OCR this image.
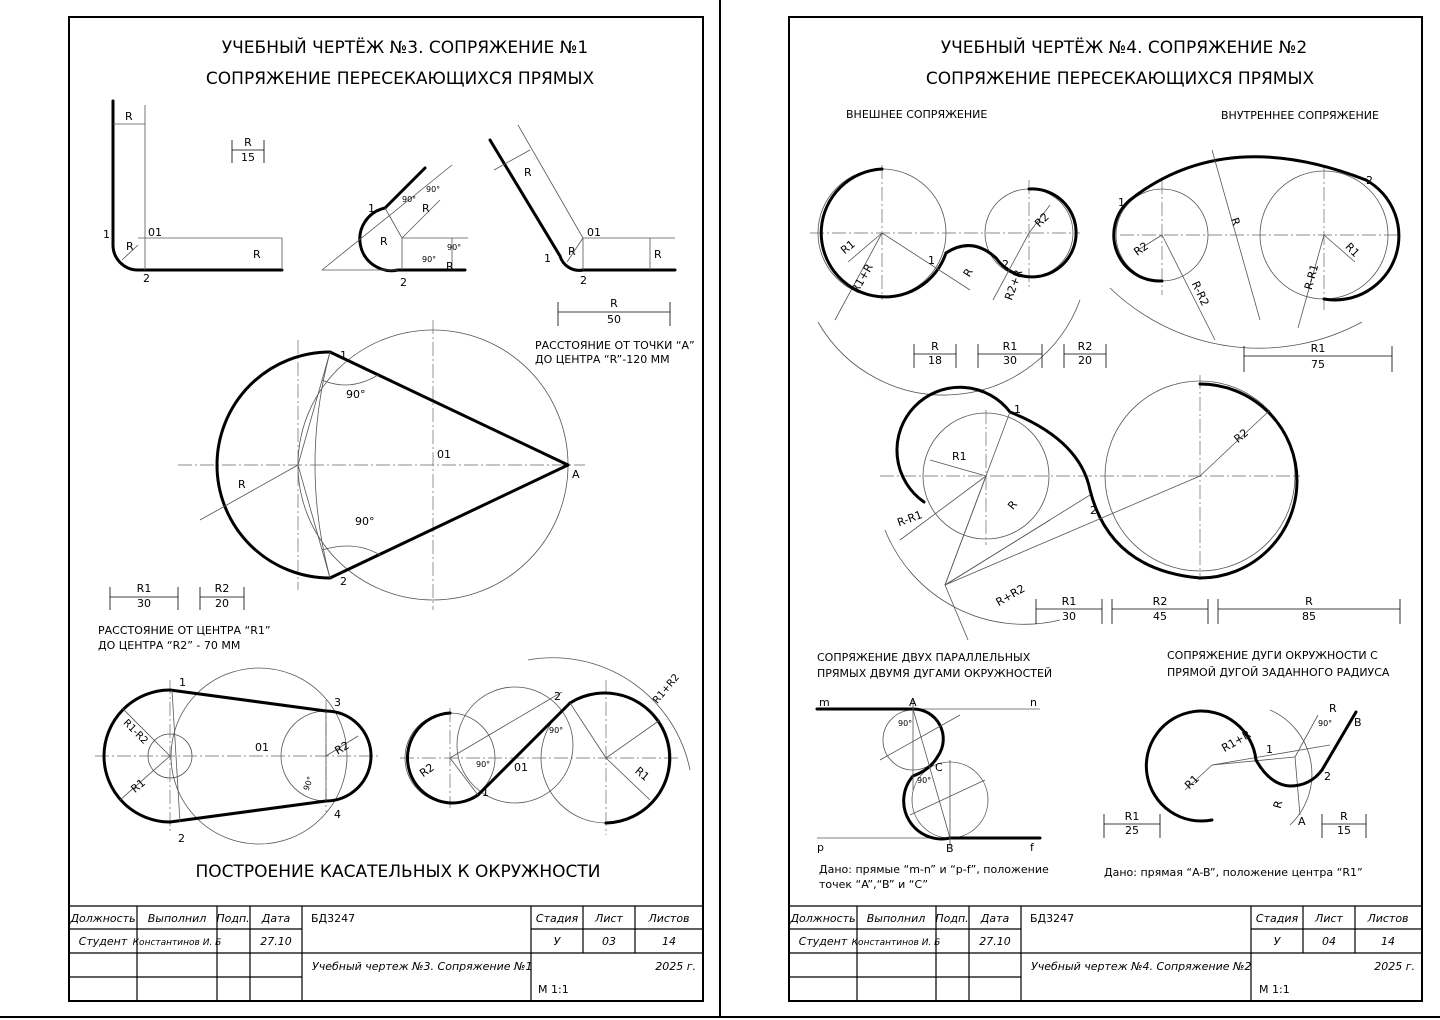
УЧЕБНЫЙ ЧЕРТЁЖ №3. СОПРЯЖЕНИЕ №1
СОПРЯЖЕНИЕ ПЕРЕСЕКАЮЩИХСЯ ПРЯМЫХ
R
R
R
1	01
2
R
15
R
R
R
90°
90°
90°
90°
1
2
R
R	R
01
1
2
R
50
РАССТОЯНИЕ ОТ ТОЧКИ “А”
ДО ЦЕНТРА “R”-120 ММ
90°
90°
R
01
A
1
2
R1
30
R2
20
РАССТОЯНИЕ ОТ ЦЕНТРА “R1”
ДО ЦЕНТРА “R2” - 70 ММ
R1-R2
R1
R2
01
90°
1
2
3
4
R2	R1
R1+R2
90°
90°
01
1
2
ПОСТРОЕНИЕ КАСАТЕЛЬНЫХ К ОКРУЖНОСТИ
Должность Выполнил Подп. Дата БД3247	Стадия Лист Листов
Студент Константинов И. Б	27.10	У	03	14
Учебный чертеж №3. Сопряжение №1	2025 г.
М 1:1
УЧЕБНЫЙ ЧЕРТЁЖ №4. СОПРЯЖЕНИЕ №2
СОПРЯЖЕНИЕ ПЕРЕСЕКАЮЩИХСЯ ПРЯМЫХ
ВНЕШНЕЕ СОПРЯЖЕНИЕ	ВНУТРЕННЕЕ СОПРЯЖЕНИЕ
R1
R1+R	R
R2
R2+R
1	2
R
18
R1
30
R2
20
R2	R1
R
R-R2
R-R1
1
2
R1
75
R1
R-R1
R
R2
R+R2
1
2
R1
30
R2
45
R
85
СОПРЯЖЕНИЕ ДВУХ ПАРАЛЛЕЛЬНЫХ
ПРЯМЫХ ДВУМЯ ДУГАМИ ОКРУЖНОСТЕЙ
СОПРЯЖЕНИЕ ДУГИ ОКРУЖНОСТИ С
ПРЯМОЙ ДУГОЙ ЗАДАННОГО РАДИУСА
90°
90°
m	n
p	f
A
B
C
R1
R1+R
R
R
90°
1
2
A
B
R1
25
R
15
Дано: прямые “m-n” и “p-f”, положение
точек “A”,“B” и “C”
Дано: прямая “A-B”, положение центра “R1”
Должность Выполнил Подп. Дата БД3247	Стадия Лист Листов
Студент Константинов И. Б	27.10	У	04	14
Учебный чертеж №4. Сопряжение №2	2025 г.
М 1:1
